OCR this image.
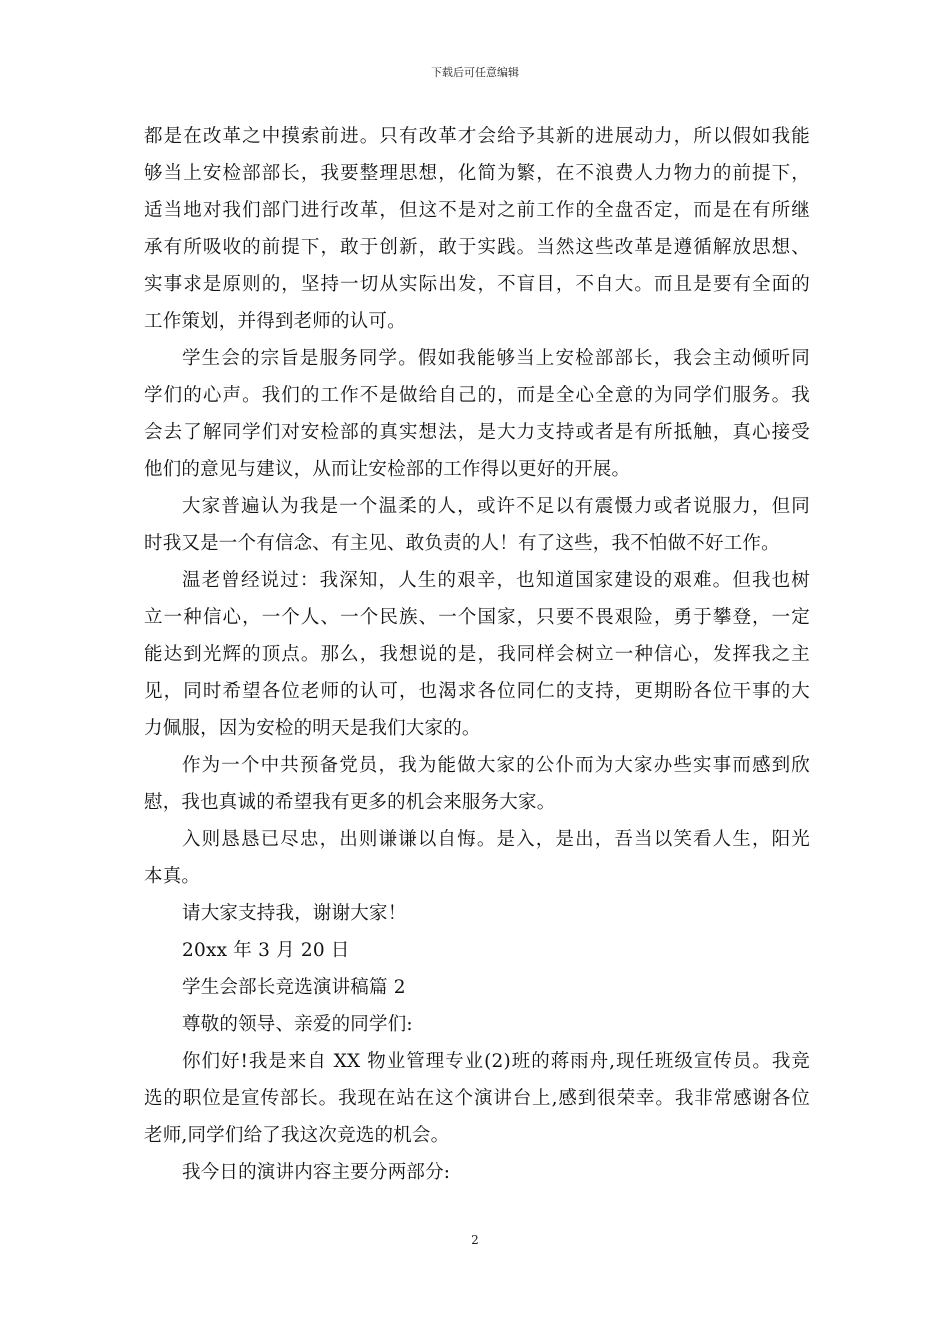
下载后可任意编辑
都是在改革之中摸索前进。只有改革才会给予其新的进展动力，所以假如我能
够当上安检部部长，我要整理思想，化简为繁，在不浪费人力物力的前提下，
适当地对我们部门进行改革，但这不是对之前工作的全盘否定，而是在有所继
承有所吸收的前提下，敢于创新，敢于实践。当然这些改革是遵循解放思想、
实事求是原则的，坚持一切从实际出发，不盲目，不自大。而且是要有全面的
工作策划，并得到老师的认可。
学生会的宗旨是服务同学。假如我能够当上安检部部长，我会主动倾听同
学们的心声。我们的工作不是做给自己的，而是全心全意的为同学们服务。我
会去了解同学们对安检部的真实想法，是大力支持或者是有所抵触，真心接受
他们的意见与建议，从而让安检部的工作得以更好的开展。
大家普遍认为我是一个温柔的人，或许不足以有震慑力或者说服力，但同
时我又是一个有信念、有主见、敢负责的人！有了这些，我不怕做不好工作。
温老曾经说过：我深知，人生的艰辛，也知道国家建设的艰难。但我也树
立一种信心，一个人、一个民族、一个国家，只要不畏艰险，勇于攀登，一定
能达到光辉的顶点。那么，我想说的是，我同样会树立一种信心，发挥我之主
见，同时希望各位老师的认可，也渴求各位同仁的支持，更期盼各位干事的大
力佩服，因为安检的明天是我们大家的。
作为一个中共预备党员，我为能做大家的公仆而为大家办些实事而感到欣
慰，我也真诚的希望我有更多的机会来服务大家。
入则恳恳已尽忠，出则谦谦以自悔。是入，是出，吾当以笑看人生，阳光
本真。
请大家支持我，谢谢大家！
20xx 年 3 月 20 日
学生会部长竞选演讲稿篇 2
尊敬的领导、亲爱的同学们:
你们好!我是来自 XX 物业管理专业(2)班的蒋雨舟,现任班级宣传员。我竞
选的职位是宣传部长。我现在站在这个演讲台上,感到很荣幸。我非常感谢各位
老师,同学们给了我这次竞选的机会。
我今日的演讲内容主要分两部分:
2
